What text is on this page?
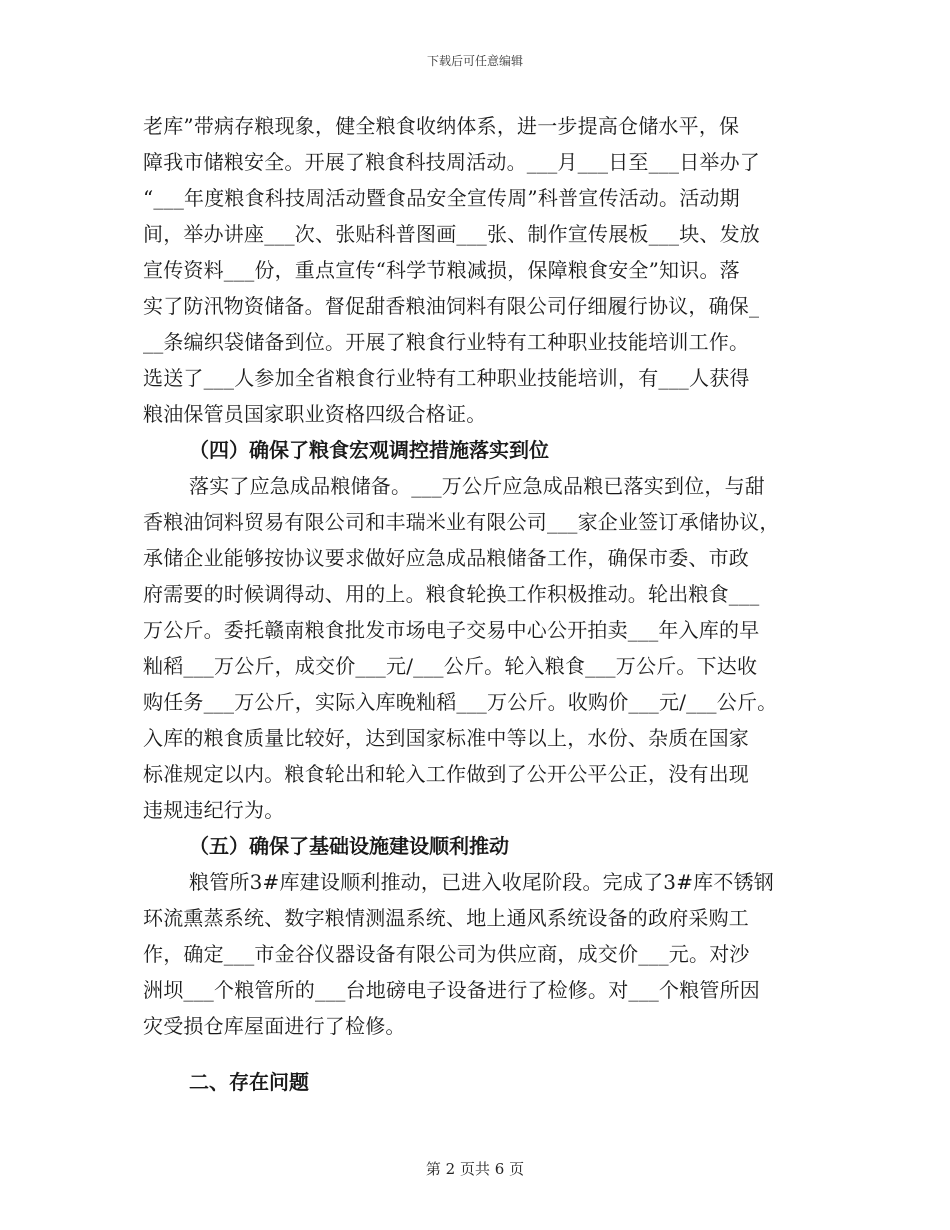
下载后可任意编辑
老库”带病存粮现象，健全粮食收纳体系，进一步提高仓储水平，保
障我市储粮安全。开展了粮食科技周活动。___月___日至___日举办了
“___年度粮食科技周活动暨食品安全宣传周”科普宣传活动。活动期
间，举办讲座___次、张贴科普图画___张、制作宣传展板___块、发放
宣传资料___份，重点宣传“科学节粮减损，保障粮食安全”知识。落
实了防汛物资储备。督促甜香粮油饲料有限公司仔细履行协议，确保_
__条编织袋储备到位。开展了粮食行业特有工种职业技能培训工作。
选送了___人参加全省粮食行业特有工种职业技能培训，有___人获得
粮油保管员国家职业资格四级合格证。
（四）确保了粮食宏观调控措施落实到位
落实了应急成品粮储备。___万公斤应急成品粮已落实到位，与甜
香粮油饲料贸易有限公司和丰瑞米业有限公司___家企业签订承储协议，
承储企业能够按协议要求做好应急成品粮储备工作，确保市委、市政
府需要的时候调得动、用的上。粮食轮换工作积极推动。轮出粮食___
万公斤。委托赣南粮食批发市场电子交易中心公开拍卖___年入库的早
籼稻___万公斤，成交价___元/___公斤。轮入粮食___万公斤。下达收
购任务___万公斤，实际入库晚籼稻___万公斤。收购价___元/___公斤。
入库的粮食质量比较好，达到国家标准中等以上，水份、杂质在国家
标准规定以内。粮食轮出和轮入工作做到了公开公平公正，没有出现
违规违纪行为。
（五）确保了基础设施建设顺利推动
粮管所3#库建设顺利推动，已进入收尾阶段。完成了3#库不锈钢
环流熏蒸系统、数字粮情测温系统、地上通风系统设备的政府采购工
作，确定___市金谷仪器设备有限公司为供应商，成交价___元。对沙
洲坝___个粮管所的___台地磅电子设备进行了检修。对___个粮管所因
灾受损仓库屋面进行了检修。
二、存在问题
第 2 页共 6 页
